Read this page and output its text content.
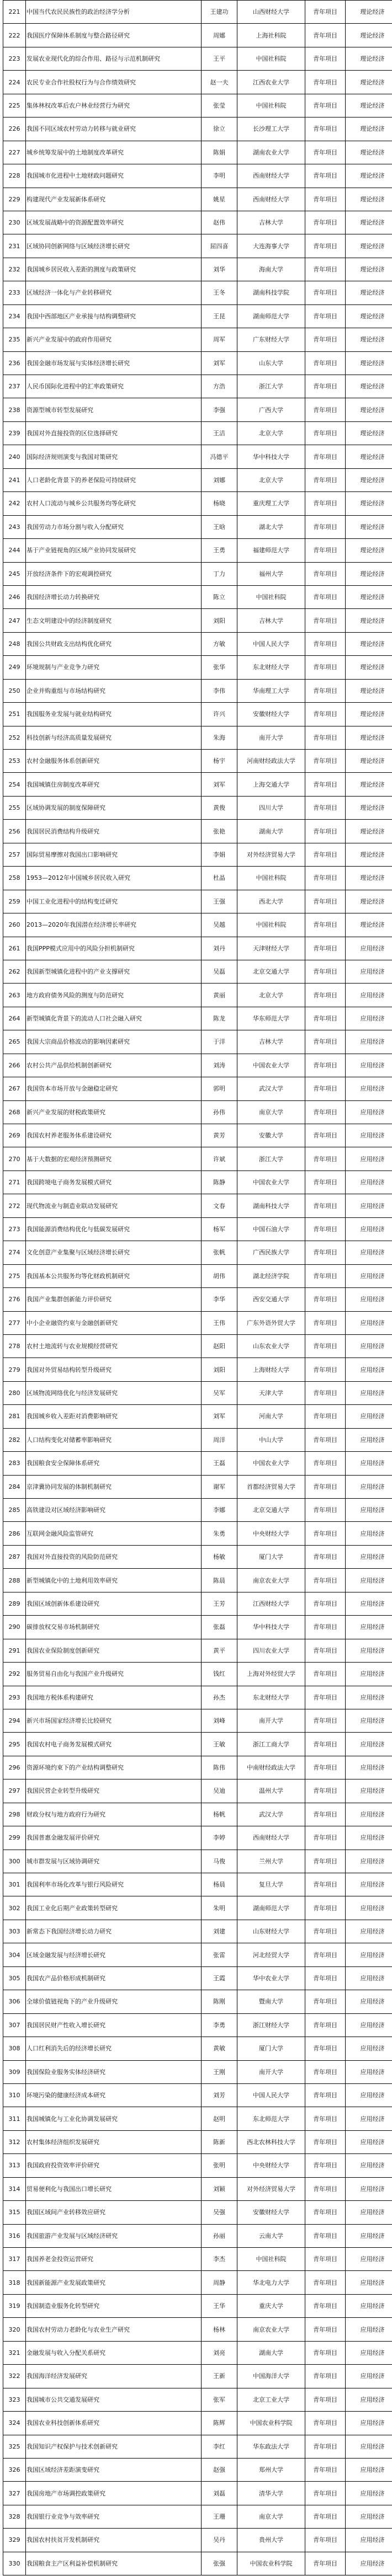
221	中国当代农民民族性的政治经济学分析	王建功	山西财经大学	青年项目	理论经济
222	我国医疗保障体系制度与整合路径研究	周娜	上海社科院	青年项目	理论经济
223	发展农业现代化的综合作用、路径与示范机制研究	王平	中国社科院	青年项目	理论经济
224	农民专业合作社股权行为与合作绩效研究	赵一夫	江西农业大学	青年项目	理论经济
225	集体林权改革后农户林业经营行为研究	张莹	中国社科院	青年项目	理论经济
226	我国不同区域农村劳动力转移与就业研究	徐立	长沙理工大学	青年项目	理论经济
227	城乡统筹发展中的土地制度改革研究	陈娟	湖南农业大学	青年项目	理论经济
228	我国城市化进程中土地财政问题研究	李明	西南财经大学	青年项目	理论经济
229	构建现代产业发展新体系研究	姚星	西南财经大学	青年项目	理论经济
230	区域发展战略中的资源配置效率研究	赵伟	吉林大学	青年项目	理论经济
231	区域协同创新网络与区域经济增长研究	屈四喜	大连海事大学	青年项目	理论经济
232	我国城乡居民收入差距的测度与政策研究	刘华	海南大学	青年项目	理论经济
233	区域经济一体化与产业转移研究	王冬	湖南科技学院	青年项目	理论经济
234	我国中西部地区产业承接与结构调整研究	王昆	湖南师范大学	青年项目	理论经济
235	新兴产业发展中的政府作用研究	周军	广东财经大学	青年项目	理论经济
236	我国金融市场发展与实体经济增长研究	刘军	山东大学	青年项目	理论经济
237	人民币国际化进程中的汇率政策研究	方浩	浙江大学	青年项目	理论经济
238	资源型城市转型发展研究	李强	广西大学	青年项目	理论经济
239	我国对外直接投资的区位选择研究	王洁	北京大学	青年项目	理论经济
240	国际经济规则演变与我国对策研究	冯德平	华中科技大学	青年项目	理论经济
241	人口老龄化背景下的养老保险可持续研究	刘娜	北京大学	青年项目	理论经济
242	农村人口流动与城乡公共服务均等化研究	杨晓	重庆理工大学	青年项目	理论经济
243	我国劳动力市场分割与收入分配研究	王晗	湖北大学	青年项目	理论经济
244	基于产业链视角的区域产业协同发展研究	王勇	福建师范大学	青年项目	理论经济
245	开放经济条件下的宏观调控研究	丁力	福州大学	青年项目	理论经济
246	我国经济增长动力转换研究	陈立	中国社科院	青年项目	理论经济
247	生态文明建设中的经济制度研究	刘阳	吉林大学	青年项目	理论经济
248	我国公共财政支出结构优化研究	方敏	中国人民大学	青年项目	理论经济
249	环境规制与产业竞争力研究	张华	东北财经大学	青年项目	理论经济
250	企业并购重组与市场结构研究	李伟	华南理工大学	青年项目	理论经济
251	我国服务业发展与就业结构研究	许兴	安徽财经大学	青年项目	理论经济
252	科技创新与经济高质量发展研究	朱海	南开大学	青年项目	理论经济
253	农村金融服务体系创新研究	杨宇	河南财经政法大学	青年项目	理论经济
254	我国城镇住房制度改革研究	刘军	上海交通大学	青年项目	理论经济
255	区域协调发展的制度保障研究	黄俊	四川大学	青年项目	理论经济
256	我国居民消费结构升级研究	张艳	湖南大学	青年项目	理论经济
257	国际贸易摩擦对我国出口影响研究	李娟	对外经济贸易大学	青年项目	理论经济
258	1953—2012年中国城乡居民收入研究	杜晶	中国社科院	青年项目	理论经济
259	中国工业化进程中的结构变迁研究	王强	西北大学	青年项目	理论经济
260	2013—2020年我国潜在经济增长率研究	吴越	中国社科院	青年项目	理论经济
261	我国PPP模式应用中的风险分担机制研究	刘丹	天津财经大学	青年项目	应用经济
262	我国新型城镇化进程中的产业支撑研究	吴磊	北京交通大学	青年项目	应用经济
263	地方政府债务风险的测度与防范研究	黄丽	北京大学	青年项目	应用经济
264	新型城镇化背景下的流动人口社会融入研究	陈龙	华东师范大学	青年项目	应用经济
265	我国大宗商品价格波动的影响因素研究	于洋	吉林大学	青年项目	应用经济
266	农村公共产品供给机制创新研究	刘涛	中国农业大学	青年项目	应用经济
267	我国资本市场开放与金融稳定研究	郭明	武汉大学	青年项目	应用经济
268	新兴产业发展的财税政策研究	孙伟	南京大学	青年项目	应用经济
269	我国农村养老服务体系建设研究	黄芳	安徽大学	青年项目	应用经济
270	基于大数据的宏观经济预测研究	许斌	浙江大学	青年项目	应用经济
271	我国跨境电子商务发展模式研究	陈静	中国农业大学	青年项目	应用经济
272	现代物流业与制造业联动发展研究	文春	湖南科技大学	青年项目	应用经济
273	我国能源消费结构优化与低碳发展研究	杨军	中国石油大学	青年项目	应用经济
274	文化创意产业集聚与区域经济增长研究	张帆	广西民族大学	青年项目	应用经济
275	我国基本公共服务均等化财政机制研究	胡伟	湖北经济学院	青年项目	应用经济
276	我国产业集群创新能力评价研究	李华	西安交通大学	青年项目	应用经济
277	中小企业融资约束与金融创新研究	王伟	广东外语外贸大学	青年项目	应用经济
278	农村土地流转与农业规模经营研究	赵阳	山东农业大学	青年项目	应用经济
279	我国对外贸易结构转型升级研究	刘阳	上海财经大学	青年项目	应用经济
280	区域物流网络优化与经济发展研究	吴军	天津大学	青年项目	应用经济
281	我国城乡收入差距对消费影响研究	刘军	河南大学	青年项目	应用经济
282	人口结构变化对储蓄率影响研究	周洋	中山大学	青年项目	应用经济
283	我国粮食安全保障体系研究	王磊	中国农业大学	青年项目	应用经济
284	京津冀协同发展的体制机制研究	谢军	首都经济贸易大学	青年项目	应用经济
285	高铁建设对区域经济影响研究	李娜	北京交通大学	青年项目	应用经济
286	互联网金融风险监管研究	朱勇	中央财经大学	青年项目	应用经济
287	我国对外直接投资的风险防范研究	杨敏	厦门大学	青年项目	应用经济
288	新型城镇化中的土地利用效率研究	陈晨	南京农业大学	青年项目	应用经济
289	我国区域创新体系建设研究	王芳	江西财经大学	青年项目	应用经济
290	碳排放权交易市场机制研究	张磊	华中科技大学	青年项目	应用经济
291	我国农业保险制度创新研究	黄平	四川农业大学	青年项目	应用经济
292	服务贸易自由化与我国产业升级研究	钱红	上海对外经贸大学	青年项目	应用经济
293	我国地方税体系构建研究	孙杰	东北财经大学	青年项目	应用经济
294	新兴市场国家经济增长比较研究	刘峰	南开大学	青年项目	应用经济
295	我国农村电子商务发展模式研究	王敏	浙江工商大学	青年项目	应用经济
296	资源环境约束下的产业结构调整研究	陈伟	中南财经政法大学	青年项目	应用经济
297	我国民营企业转型升级研究	吴迪	温州大学	青年项目	应用经济
298	财政分权与地方政府行为研究	杨帆	武汉大学	青年项目	应用经济
299	我国普惠金融发展评价研究	李婷	西南财经大学	青年项目	应用经济
300	城市群发展与区域协调研究	马俊	兰州大学	青年项目	应用经济
301	我国利率市场化改革与银行风险研究	杨晨	复旦大学	青年项目	应用经济
302	我国工业化后期产业政策转型研究	朱明	湖南师范大学	青年项目	应用经济
303	新常态下我国经济增长动力研究	刘建	山东财经大学	青年项目	应用经济
304	区域金融发展与经济增长研究	张雷	河北经贸大学	青年项目	应用经济
305	我国农产品价格形成机制研究	王霞	华中农业大学	青年项目	应用经济
306	全球价值链视角下的产业升级研究	陈刚	暨南大学	青年项目	应用经济
307	我国居民财产性收入增长研究	李勇	浙江财经大学	青年项目	应用经济
308	人口红利消失后的经济增长研究	黄敏	厦门大学	青年项目	应用经济
309	我国保险业服务实体经济研究	王刚	南开大学	青年项目	应用经济
310	环境污染的健康经济成本研究	刘芳	中国人民大学	青年项目	应用经济
311	我国城镇化与工业化协调发展研究	赵明	东北师范大学	青年项目	应用经济
312	农村集体经济组织发展研究	陈新	西北农林科技大学	青年项目	应用经济
313	我国政府投资效率评价研究	张明	中央财经大学	青年项目	应用经济
314	贸易便利化与我国出口增长研究	刘颖	对外经济贸易大学	青年项目	应用经济
315	我国区域间产业转移效应研究	吴强	安徽财经大学	青年项目	应用经济
316	我国旅游产业发展与区域经济研究	孙丽	云南大学	青年项目	应用经济
317	我国养老金投资运营研究	李杰	中国社科院	青年项目	应用经济
318	我国新能源产业发展政策研究	周静	华北电力大学	青年项目	应用经济
319	我国制造业服务化转型研究	王华	重庆大学	青年项目	应用经济
320	我国农村劳动力老龄化与农业生产研究	杨林	南京农业大学	青年项目	应用经济
321	金融发展与收入分配关系研究	刘亮	湖南大学	青年项目	应用经济
322	我国海洋经济发展研究	王新	中国海洋大学	青年项目	应用经济
323	我国城市公共交通发展研究	张军	北京工业大学	青年项目	应用经济
324	我国农业科技创新体系研究	陈辉	中国农业科学院	青年项目	应用经济
325	我国知识产权保护与技术创新研究	李红	华东政法大学	青年项目	应用经济
326	我国区域经济差距演变研究	赵强	郑州大学	青年项目	应用经济
327	我国房地产市场调控政策研究	刘磊	清华大学	青年项目	应用经济
328	我国银行业竞争与效率研究	王珊	南京大学	青年项目	应用经济
329	我国农村扶贫开发机制研究	吴丹	贵州大学	青年项目	应用经济
330	我国粮食主产区利益补偿机制研究	张强	中国农业科学院	青年项目	应用经济
